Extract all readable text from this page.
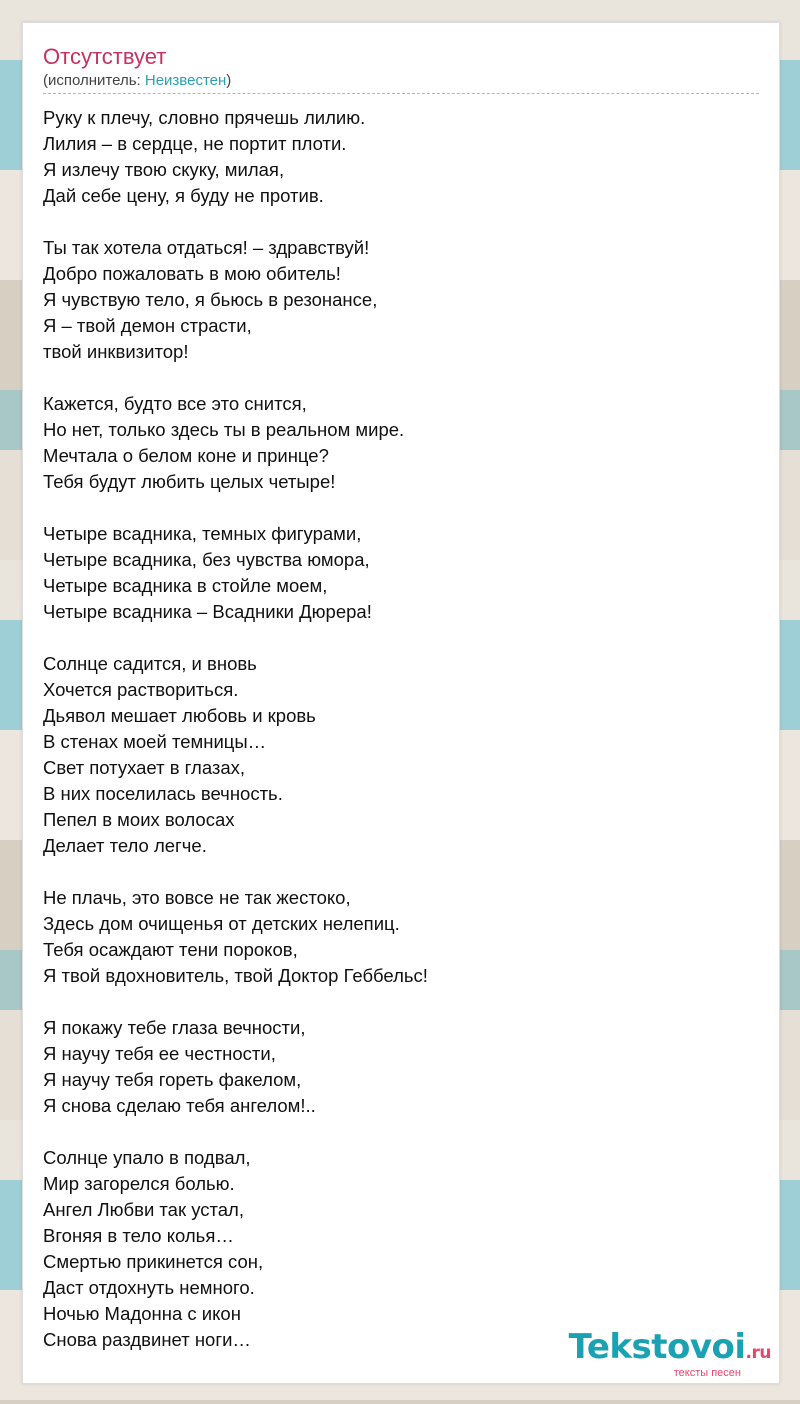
Отсутствует
(исполнитель: Неизвестен)
Руку к плечу, словно прячешь лилию.
Лилия – в сердце, не портит плоти.
Я излечу твою скуку, милая,
Дай себе цену, я буду не против.
Ты так хотела отдаться! – здравствуй!
Добро пожаловать в мою обитель!
Я чувствую тело, я бьюсь в резонансе,
Я – твой демон страсти,
твой инквизитор!
Кажется, будто все это снится,
Но нет, только здесь ты в реальном мире.
Мечтала о белом коне и принце?
Тебя будут любить целых четыре!
Четыре всадника, темных фигурами,
Четыре всадника, без чувства юмора,
Четыре всадника в стойле моем,
Четыре всадника – Всадники Дюрера!
Солнце садится, и вновь
Хочется раствориться.
Дьявол мешает любовь и кровь
В стенах моей темницы…
Свет потухает в глазах,
В них поселилась вечность.
Пепел в моих волосах
Делает тело легче.
Не плачь, это вовсе не так жестоко,
Здесь дом очищенья от детских нелепиц.
Тебя осаждают тени пороков,
Я твой вдохновитель, твой Доктор Геббельс!
Я покажу тебе глаза вечности,
Я научу тебя ее честности,
Я научу тебя гореть факелом,
Я снова сделаю тебя ангелом!..
Солнце упало в подвал,
Мир загорелся болью.
Ангел Любви так устал,
Вгоняя в тело колья…
Смертью прикинется сон,
Даст отдохнуть немного.
Ночью Мадонна с икон
Снова раздвинет ноги…	Tekstovoi.ru
тексты песен
